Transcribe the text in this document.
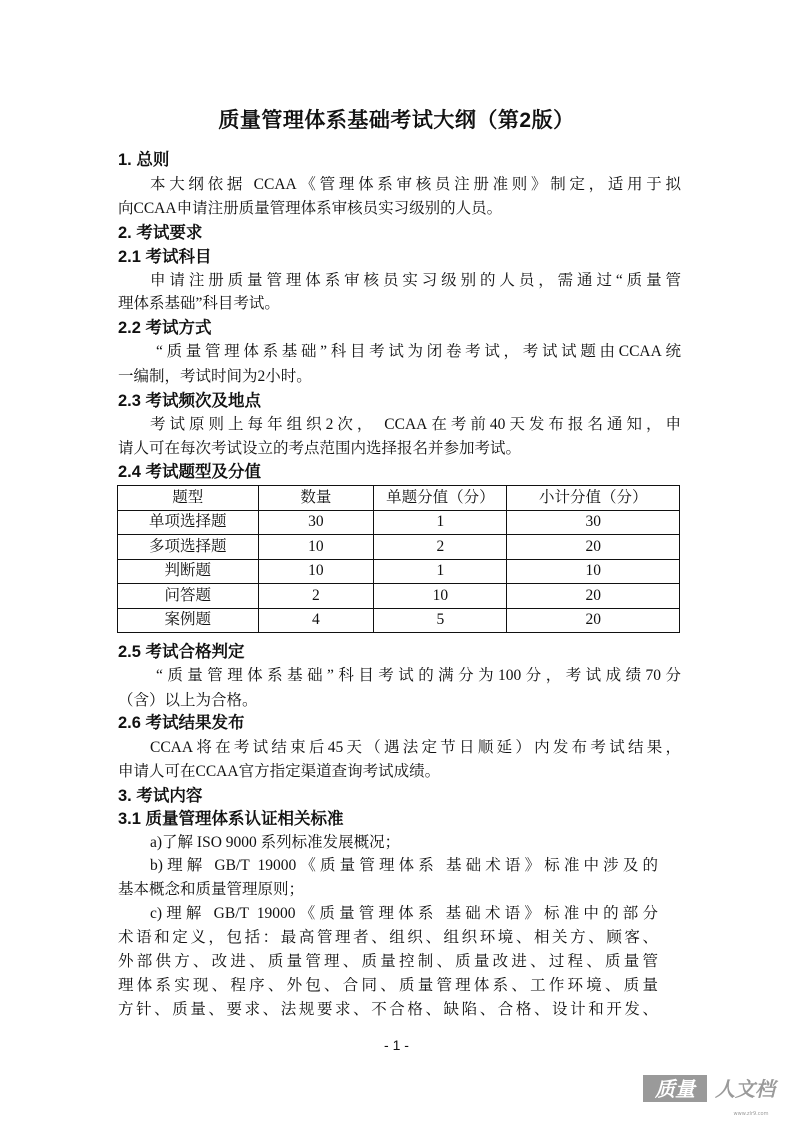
质量管理体系基础考试大纲（第2版）
1. 总则
本大纲依据 CCAA《管理体系审核员注册准则》制定，适用于拟
向CCAA申请注册质量管理体系审核员实习级别的人员。
2. 考试要求
2.1 考试科目
申请注册质量管理体系审核员实习级别的人员，需通过“质量管
理体系基础”科目考试。
2.2 考试方式
“质量管理体系基础”科目考试为闭卷考试，考试试题由CCAA统
一编制，考试时间为2小时。
2.3 考试频次及地点
考试原则上每年组织2次， CCAA在考前40天发布报名通知，申
请人可在每次考试设立的考点范围内选择报名并参加考试。
2.4 考试题型及分值
题型	数量	单题分值（分）	小计分值（分）
单项选择题	30	1	30
多项选择题	10	2	20
判断题	10	1	10
问答题	2	10	20
案例题	4	5	20
2.5 考试合格判定
“质量管理体系基础”科目考试的满分为100分，考试成绩70分
（含）以上为合格。
2.6 考试结果发布
CCAA将在考试结束后45天（遇法定节日顺延）内发布考试结果，
申请人可在CCAA官方指定渠道查询考试成绩。
3. 考试内容
3.1 质量管理体系认证相关标准
a)了解 ISO 9000 系列标准发展概况；
b)理解 GB/T 19000《质量管理体系 基础术语》标准中涉及的
基本概念和质量管理原则；
c)理解 GB/T 19000《质量管理体系 基础术语》标准中的部分
术语和定义，包括：最高管理者、组织、组织环境、相关方、顾客、
外部供方、改进、质量管理、质量控制、质量改进、过程、质量管
理体系实现、程序、外包、合同、质量管理体系、工作环境、质量
方针、质量、要求、法规要求、不合格、缺陷、合格、设计和开发、
- 1 -
质量 人文档
www.zlr9.com
